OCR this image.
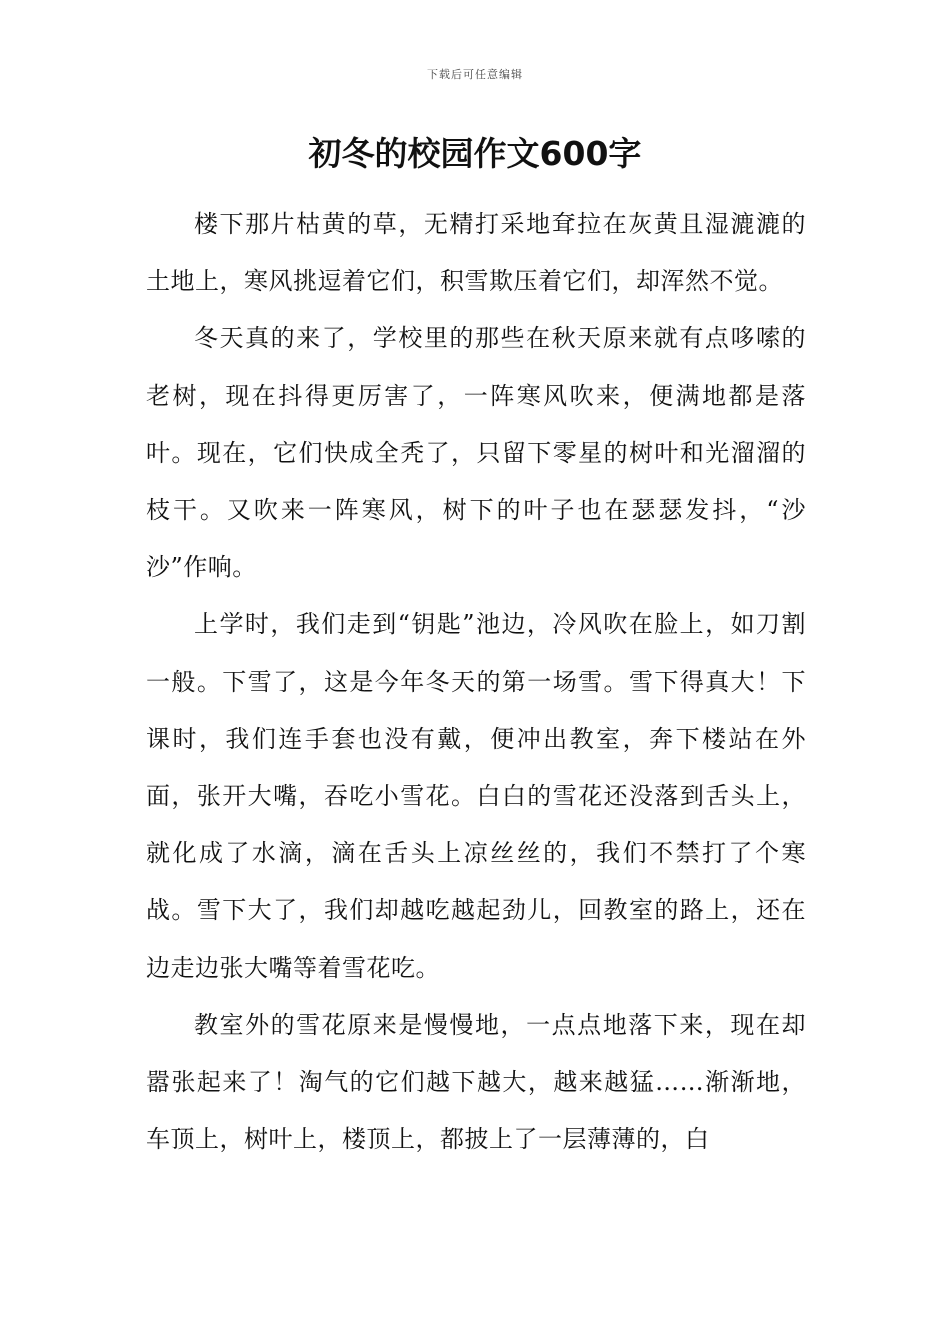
下载后可任意编辑
初冬的校园作文600字

楼下那片枯黄的草，无精打采地耷拉在灰黄且湿漉漉的土地上，寒风挑逗着它们，积雪欺压着它们，却浑然不觉。

冬天真的来了，学校里的那些在秋天原来就有点哆嗦的老树，现在抖得更厉害了，一阵寒风吹来，便满地都是落叶。现在，它们快成全秃了，只留下零星的树叶和光溜溜的枝干。又吹来一阵寒风，树下的叶子也在瑟瑟发抖，“沙沙”作响。

上学时，我们走到“钥匙”池边，冷风吹在脸上，如刀割一般。下雪了，这是今年冬天的第一场雪。雪下得真大！下课时，我们连手套也没有戴，便冲出教室，奔下楼站在外面，张开大嘴，吞吃小雪花。白白的雪花还没落到舌头上，就化成了水滴，滴在舌头上凉丝丝的，我们不禁打了个寒战。雪下大了，我们却越吃越起劲儿，回教室的路上，还在边走边张大嘴等着雪花吃。

教室外的雪花原来是慢慢地，一点点地落下来，现在却嚣张起来了！淘气的它们越下越大，越来越猛……渐渐地，车顶上，树叶上，楼顶上，都披上了一层薄薄的，白
